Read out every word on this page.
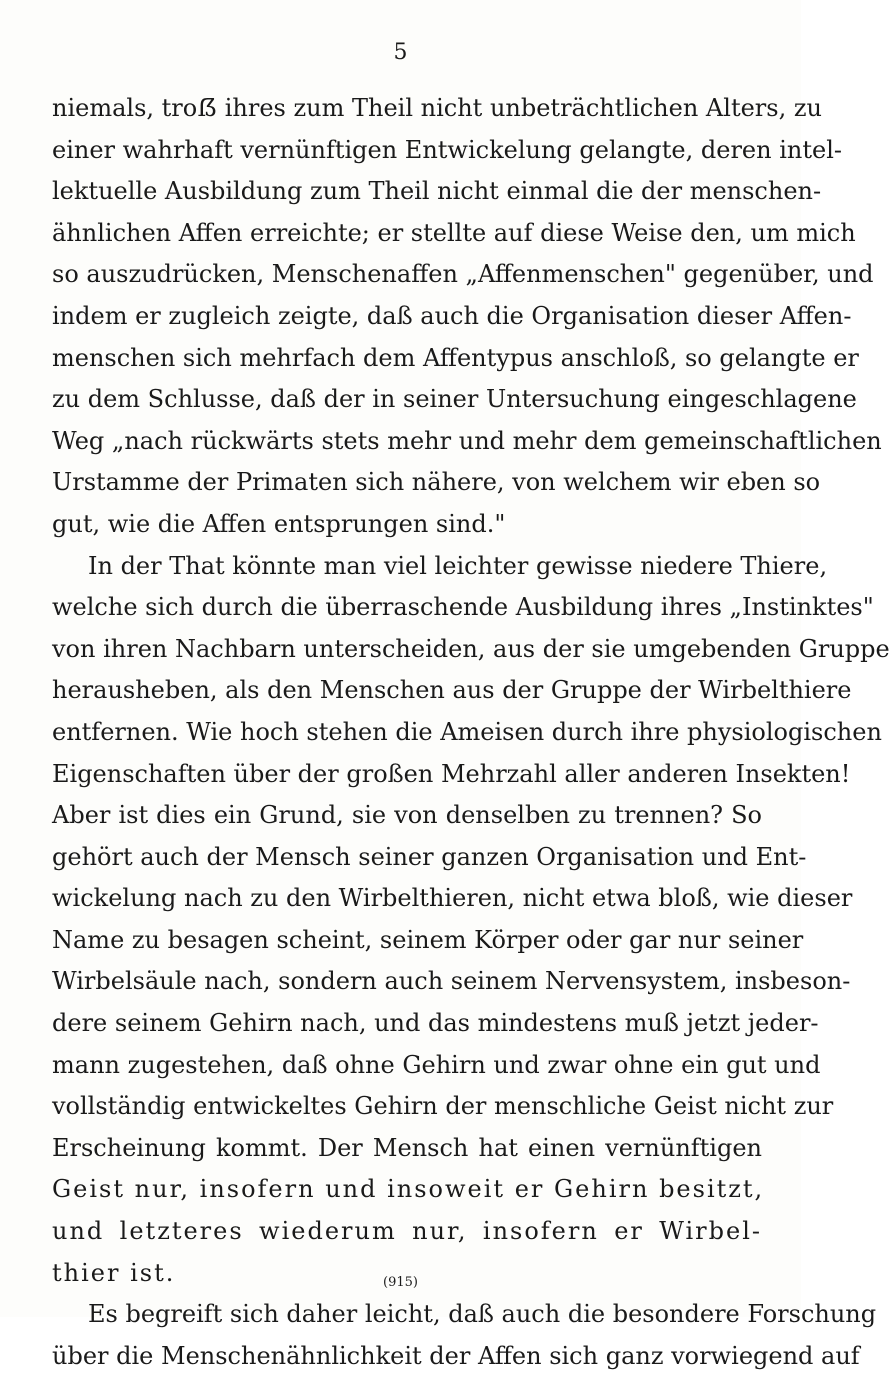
5
niemals, troẞ ihres zum Theil nicht unbeträchtlichen Alters, zu
einer wahrhaft vernünftigen Entwickelung gelangte, deren intel-
lektuelle Ausbildung zum Theil nicht einmal die der menschen-
ähnlichen Affen erreichte; er stellte auf diese Weise den, um mich
so auszudrücken, Menschenaffen „Affenmenschen" gegenüber, und
indem er zugleich zeigte, daß auch die Organisation dieser Affen-
menschen sich mehrfach dem Affentypus anschloß, so gelangte er
zu dem Schlusse, daß der in seiner Untersuchung eingeschlagene
Weg „nach rückwärts stets mehr und mehr dem gemeinschaftlichen
Urstamme der Primaten sich nähere, von welchem wir eben so
gut, wie die Affen entsprungen sind."
In der That könnte man viel leichter gewisse niedere Thiere,
welche sich durch die überraschende Ausbildung ihres „Instinktes"
von ihren Nachbarn unterscheiden, aus der sie umgebenden Gruppe
herausheben, als den Menschen aus der Gruppe der Wirbelthiere
entfernen. Wie hoch stehen die Ameisen durch ihre physiologischen
Eigenschaften über der großen Mehrzahl aller anderen Insekten!
Aber ist dies ein Grund, sie von denselben zu trennen? So
gehört auch der Mensch seiner ganzen Organisation und Ent-
wickelung nach zu den Wirbelthieren, nicht etwa bloß, wie dieser
Name zu besagen scheint, seinem Körper oder gar nur seiner
Wirbelsäule nach, sondern auch seinem Nervensystem, insbeson-
dere seinem Gehirn nach, und das mindestens muß jetzt jeder-
mann zugestehen, daß ohne Gehirn und zwar ohne ein gut und
vollständig entwickeltes Gehirn der menschliche Geist nicht zur
Erscheinung kommt. Der Mensch hat einen vernünftigen
Geist nur, insofern und insoweit er Gehirn besitzt,
und letzteres wiederum nur, insofern er Wirbel-
thier ist.
Es begreift sich daher leicht, daß auch die besondere Forschung
über die Menschenähnlichkeit der Affen sich ganz vorwiegend auf
(915)
